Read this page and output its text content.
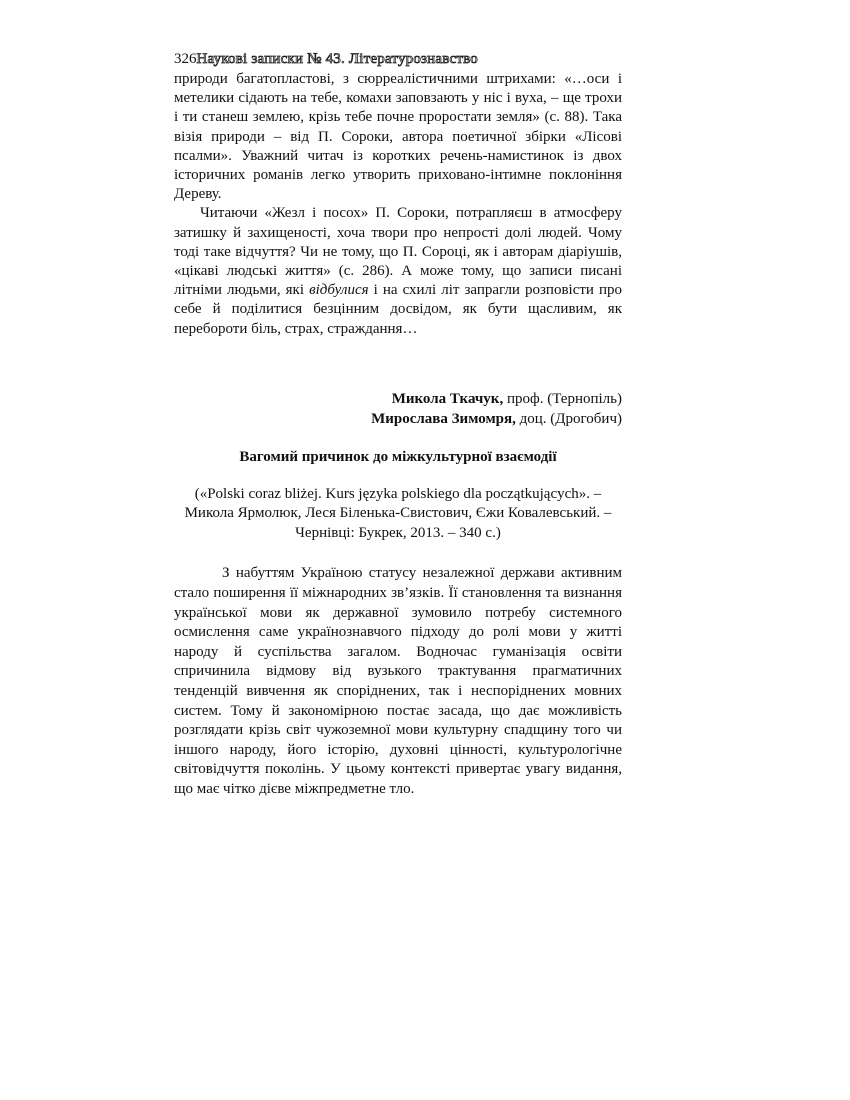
326Наукові записки № 43. Літературознавство

природи багатопластові, з сюрреалістичними штрихами: «…оси і метелики сідають на тебе, комахи заповзають у ніс і вуха, – ще трохи і ти станеш землею, крізь тебе почне проростати земля» (с. 88). Така візія природи – від П. Сороки, автора поетичної збірки «Лісові псалми». Уважний читач із коротких речень-намистинок із двох історичних романів легко утворить приховано-інтимне поклоніння Дереву.

Читаючи «Жезл і посох» П. Сороки, потрапляєш в атмосферу затишку й захищеності, хоча твори про непрості долі людей. Чому тоді таке відчуття? Чи не тому, що П. Сороці, як і авторам діаріушів, «цікаві людські життя» (с. 286). А може тому, що записи писані літніми людьми, які відбулися і на схилі літ запрагли розповісти про себе й поділитися безцінним досвідом, як бути щасливим, як перебороти біль, страх, страждання…

Микола Ткачук, проф. (Тернопіль)
Мирослава Зимомря, доц. (Дрогобич)
Вагомий причинок до міжкультурної взаємодії
(«Polski coraz bliżej. Kurs języka polskiego dla początkujących». –
Микола Ярмолюк, Леся Біленька-Свистович, Єжи Ковалевський. –
Чернівці: Букрек, 2013. – 340 с.)

З набуттям Україною статусу незалежної держави активним стало поширення її міжнародних зв’язків. Її становлення та визнання української мови як державної зумовило потребу системного осмислення саме українознавчого підходу до ролі мови у житті народу й суспільства загалом. Водночас гуманізація освіти спричинила відмову від вузького трактування прагматичних тенденцій вивчення як споріднених, так і неспоріднених мовних систем. Тому й закономірною постає засада, що дає можливість розглядати крізь світ чужоземної мови культурну спадщину того чи іншого народу, його історію, духовні цінності, культурологічне світовідчуття поколінь. У цьому контексті привертає увагу видання, що має чітко дієве міжпредметне тло.
